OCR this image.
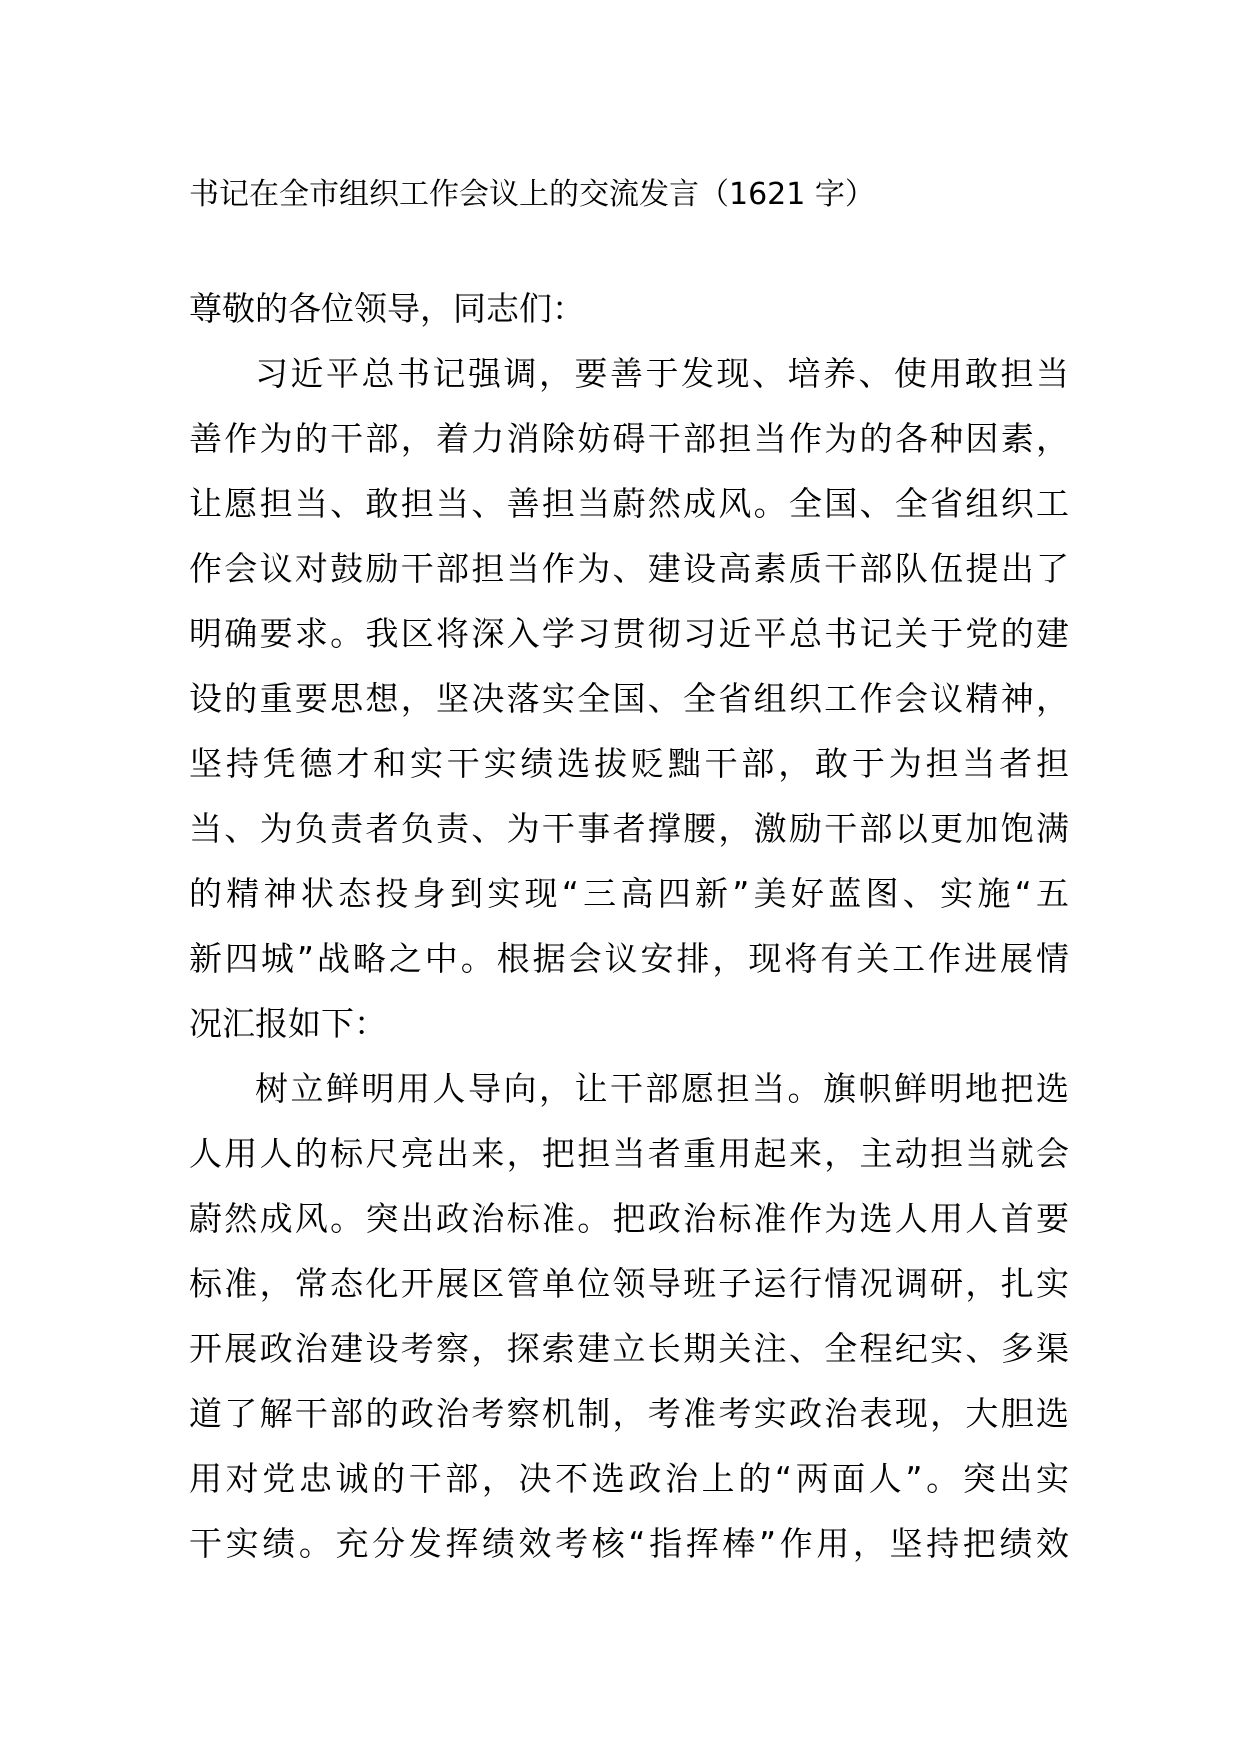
书记在全市组织工作会议上的交流发言（1621 字）
尊敬的各位领导，同志们：
习近平总书记强调，要善于发现、培养、使用敢担当
善作为的干部，着力消除妨碍干部担当作为的各种因素，
让愿担当、敢担当、善担当蔚然成风。全国、全省组织工
作会议对鼓励干部担当作为、建设高素质干部队伍提出了
明确要求。我区将深入学习贯彻习近平总书记关于党的建
设的重要思想，坚决落实全国、全省组织工作会议精神，
坚持凭德才和实干实绩选拔贬黜干部，敢于为担当者担
当、为负责者负责、为干事者撑腰，激励干部以更加饱满
的精神状态投身到实现“三高四新”美好蓝图、实施“五
新四城”战略之中。根据会议安排，现将有关工作进展情
况汇报如下：
树立鲜明用人导向，让干部愿担当。旗帜鲜明地把选
人用人的标尺亮出来，把担当者重用起来，主动担当就会
蔚然成风。突出政治标准。把政治标准作为选人用人首要
标准，常态化开展区管单位领导班子运行情况调研，扎实
开展政治建设考察，探索建立长期关注、全程纪实、多渠
道了解干部的政治考察机制，考准考实政治表现，大胆选
用对党忠诚的干部，决不选政治上的“两面人”。突出实
干实绩。充分发挥绩效考核“指挥棒”作用，坚持把绩效
